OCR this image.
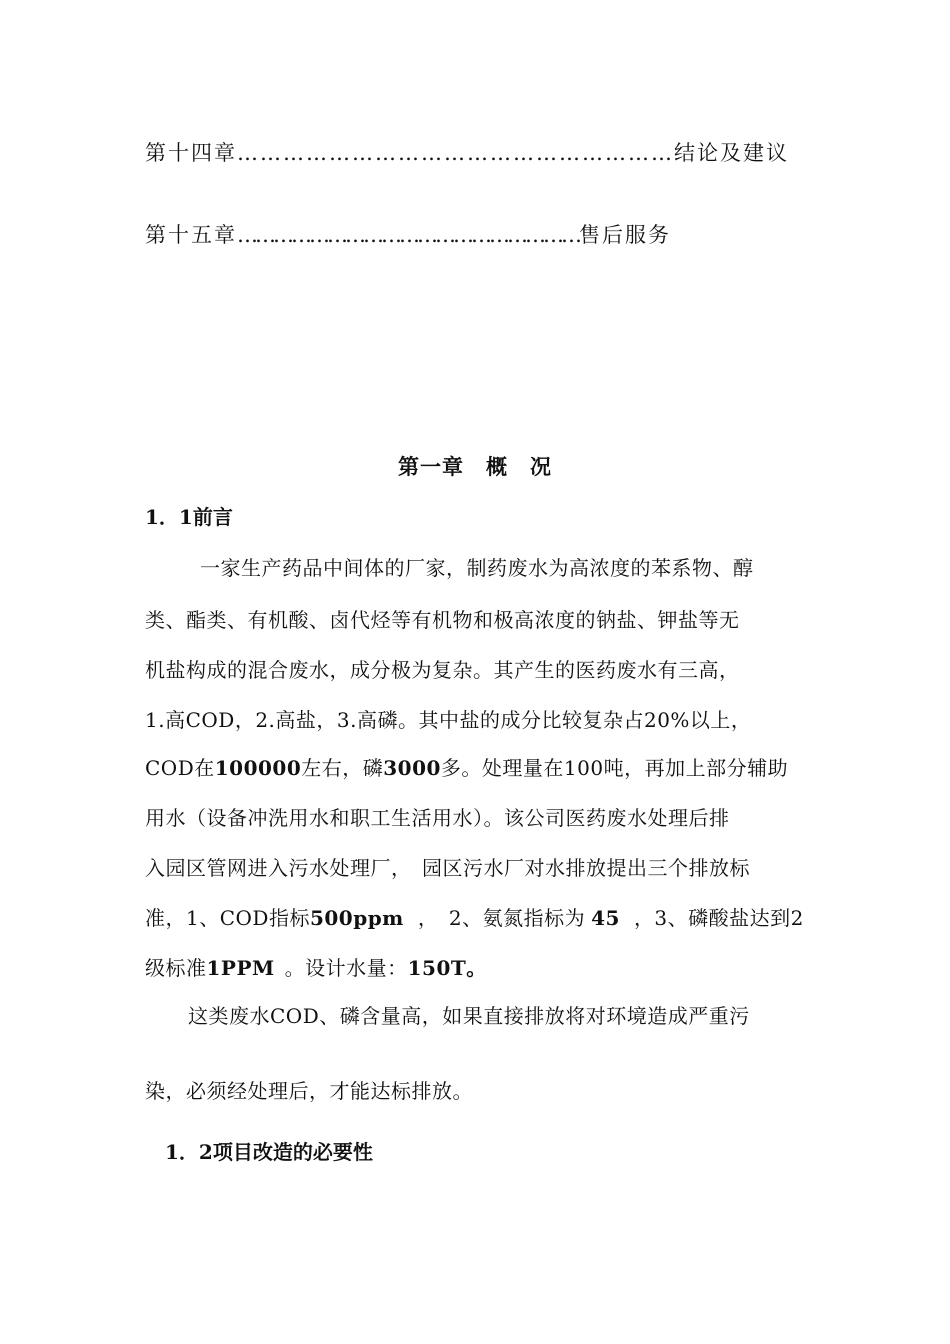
第十四章…………………………………………………结论及建议
第十五章…………………………………………………售后服务
第一章　概　况
1．1前言
一家生产药品中间体的厂家，制药废水为高浓度的苯系物、醇
类、酯类、有机酸、卤代烃等有机物和极高浓度的钠盐、钾盐等无
机盐构成的混合废水，成分极为复杂。其产生的医药废水有三高，
1.高COD，2.高盐，3.高磷。其中盐的成分比较复杂占20%以上，
COD在100000左右，磷3000多。处理量在100吨，再加上部分辅助
用水（设备冲洗用水和职工生活用水）。该公司医药废水处理后排
入园区管网进入污水处理厂，　园区污水厂对水排放提出三个排放标
准，1、COD指标500ppm ，　2、氨氮指标为 45 ，3、磷酸盐达到2
级标准1PPM 。设计水量：150T。
这类废水COD、磷含量高，如果直接排放将对环境造成严重污
染，必须经处理后，才能达标排放。
1．2项目改造的必要性
